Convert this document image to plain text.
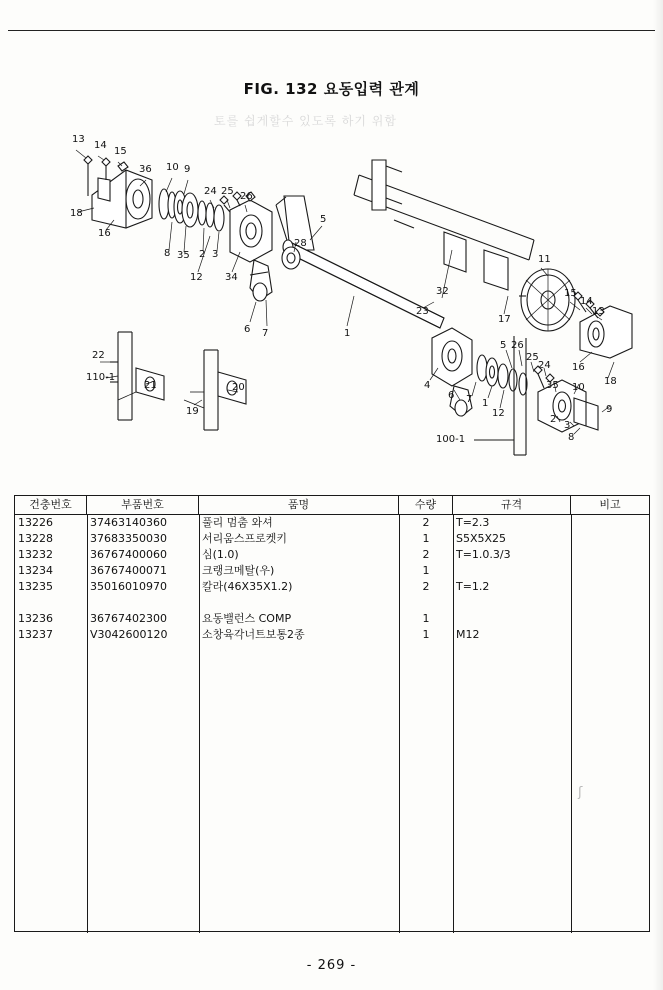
FIG. 132 요동입력 관계
토를 쉽게할수 있도록 하기 위함
13
14
15
36 10 9
24 25 26
18
16
8 35 2 3
12 34
28
5
6 7	1
11
32
23
17
15
14
13
5 26
25
24 16
18
4
6 7 1
12
35 10
9
2
3
8
100-1
22
110-1
21
19
20
건충번호	부품번호	품명	수량	규격	비고
13226	37463140360	풀리 멈춤 와셔	2	T=2.3
13228	37683350030	서리움스프로켓키	1	S5X5X25
13232	36767400060	심(1.0)	2	T=1.0.3/3
13234	36767400071	크랭크메탈(우)	1
13235	35016010970	칼라(46X35X1.2)	2	T=1.2
13236	36767402300	요동밸런스 COMP	1
13237	V3042600120	소창육각너트보통2종	1	M12
ʃ
- 269 -
